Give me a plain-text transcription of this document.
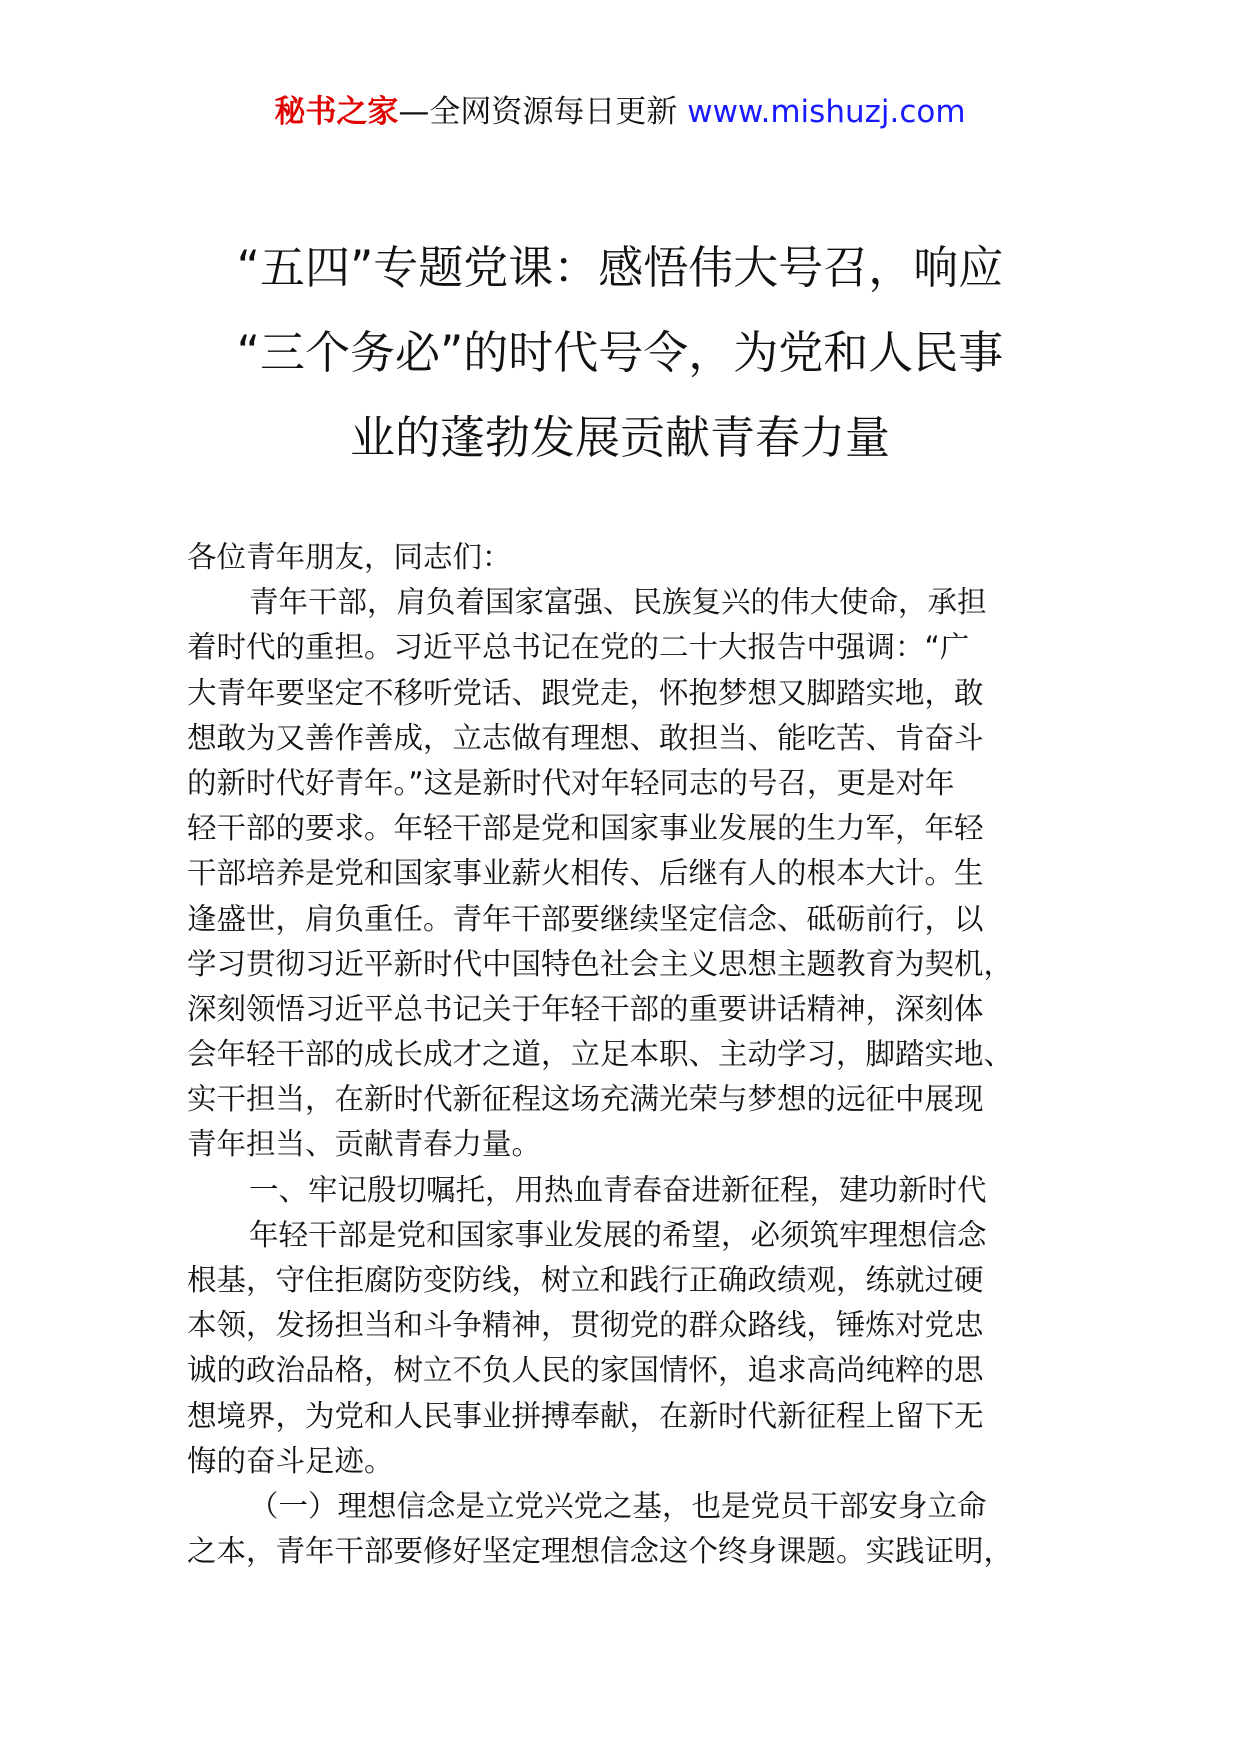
秘书之家—全网资源每日更新 www.mishuzj.com
“五四”专题党课：感悟伟大号召，响应
“三个务必”的时代号令，为党和人民事
业的蓬勃发展贡献青春力量
各位青年朋友，同志们：
青年干部，肩负着国家富强、民族复兴的伟大使命，承担
着时代的重担。习近平总书记在党的二十大报告中强调：“广
大青年要坚定不移听党话、跟党走，怀抱梦想又脚踏实地，敢
想敢为又善作善成，立志做有理想、敢担当、能吃苦、肯奋斗
的新时代好青年。”这是新时代对年轻同志的号召，更是对年
轻干部的要求。年轻干部是党和国家事业发展的生力军，年轻
干部培养是党和国家事业薪火相传、后继有人的根本大计。生
逢盛世，肩负重任。青年干部要继续坚定信念、砥砺前行，以
学习贯彻习近平新时代中国特色社会主义思想主题教育为契机，
深刻领悟习近平总书记关于年轻干部的重要讲话精神，深刻体
会年轻干部的成长成才之道，立足本职、主动学习，脚踏实地、
实干担当，在新时代新征程这场充满光荣与梦想的远征中展现
青年担当、贡献青春力量。
一、牢记殷切嘱托，用热血青春奋进新征程，建功新时代
年轻干部是党和国家事业发展的希望，必须筑牢理想信念
根基，守住拒腐防变防线，树立和践行正确政绩观，练就过硬
本领，发扬担当和斗争精神，贯彻党的群众路线，锤炼对党忠
诚的政治品格，树立不负人民的家国情怀，追求高尚纯粹的思
想境界，为党和人民事业拼搏奉献，在新时代新征程上留下无
悔的奋斗足迹。
（一）理想信念是立党兴党之基，也是党员干部安身立命
之本，青年干部要修好坚定理想信念这个终身课题。实践证明，
